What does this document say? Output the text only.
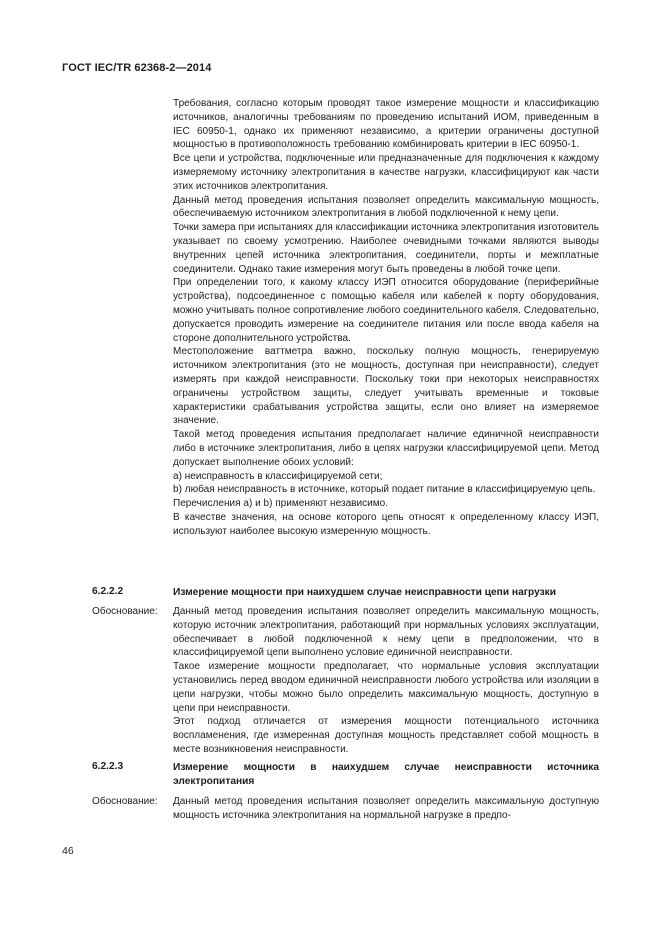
ГОСТ IEC/TR 62368-2—2014

Требования, согласно которым проводят такое измерение мощности и классификацию источников, аналогичны требованиям по проведению испытаний ИОМ, приведенным в IEC 60950-1, однако их применяют независимо, а критерии ограничены доступной мощностью в противоположность требованию комбинировать критерии в IEC 60950-1.

Все цепи и устройства, подключенные или предназначенные для подключения к каждому измеряемому источнику электропитания в качестве нагрузки, классифицируют как части этих источников электропитания.

Данный метод проведения испытания позволяет определить максимальную мощность, обеспечиваемую источником электропитания в любой подключенной к нему цепи.

Точки замера при испытаниях для классификации источника электропитания изготовитель указывает по своему усмотрению. Наиболее очевидными точками являются выводы внутренних цепей источника электропитания, соединители, порты и межплатные соединители. Однако такие измерения могут быть проведены в любой точке цепи.

При определении того, к какому классу ИЭП относится оборудование (периферийные устройства), подсоединенное с помощью кабеля или кабелей к порту оборудования, можно учитывать полное сопротивление любого соединительного кабеля. Следовательно, допускается проводить измерение на соединителе питания или после ввода кабеля на стороне дополнительного устройства.

Местоположение ваттметра важно, поскольку полную мощность, генерируемую источником электропитания (это не мощность, доступная при неисправности), следует измерять при каждой неисправности. Поскольку токи при некоторых неисправностях ограничены устройством защиты, следует учитывать временные и токовые характеристики срабатывания устройства защиты, если оно влияет на измеряемое значение.

Такой метод проведения испытания предполагает наличие единичной неисправности либо в источнике электропитания, либо в цепях нагрузки классифицируемой цепи. Метод допускает выполнение обоих условий:

a) неисправность в классифицируемой сети;

b) любая неисправность в источнике, который подает питание в классифицируемую цепь.

Перечисления a) и b) применяют независимо.

В качестве значения, на основе которого цепь относят к определенному классу ИЭП, используют наиболее высокую измеренную мощность.

6.2.2.2	Измерение мощности при наихудшем случае неисправности цепи нагрузки
Обоснование: Данный метод проведения испытания позволяет определить максимальную мощность, которую источник электропитания, работающий при нормальных условиях эксплуатации, обеспечивает в любой подключенной к нему цепи в предположении, что в классифицируемой цепи выполнено условие единичной неисправности.

Такое измерение мощности предполагает, что нормальные условия эксплуатации установились перед вводом единичной неисправности любого устройства или изоляции в цепи нагрузки, чтобы можно было определить максимальную мощность, доступную в цепи при неисправности.

Этот подход отличается от измерения мощности потенциального источника воспламенения, где измеренная доступная мощность представляет собой мощность в месте возникновения неисправности.

6.2.2.3	Измерение мощности в наихудшем случае неисправности источника электропитания
Обоснование: Данный метод проведения испытания позволяет определить максимальную доступную мощность источника электропитания на нормальной нагрузке в предпо-

46
